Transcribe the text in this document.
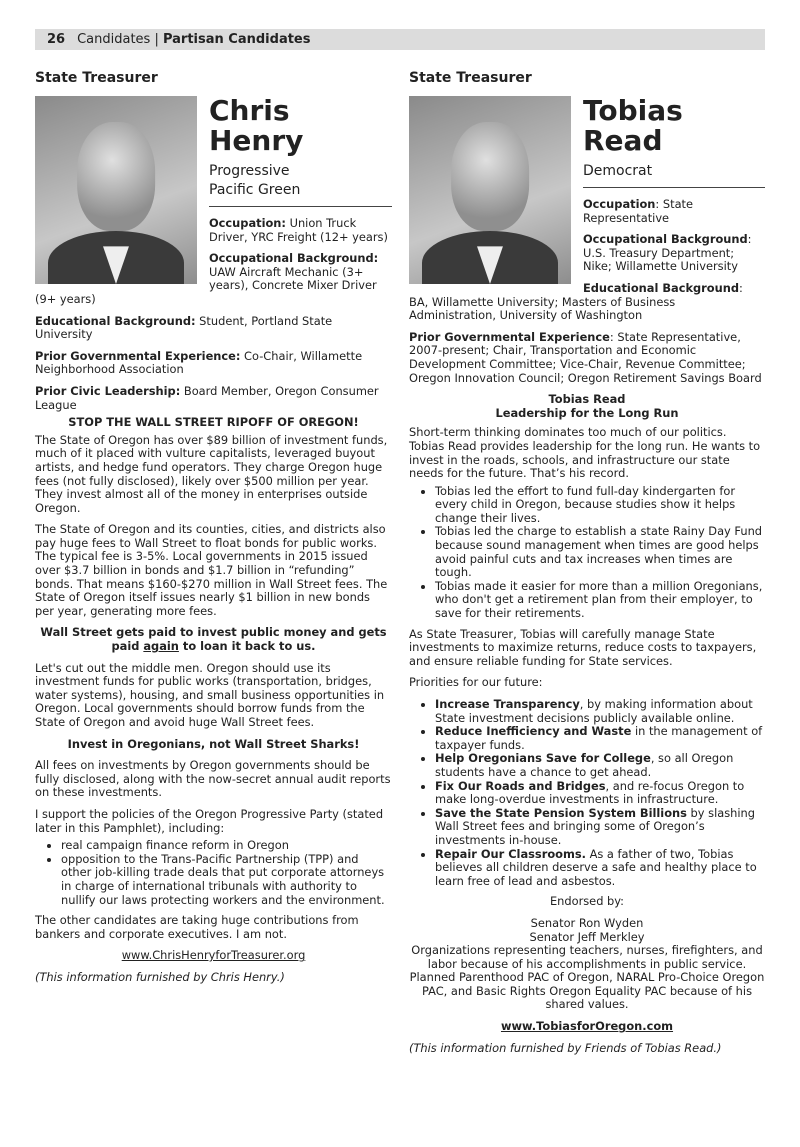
26 Candidates | Partisan Candidates
State Treasurer
Chris
Henry
Progressive
Pacific Green

Occupation: Union Truck Driver, YRC Freight (12+ years)

Occupational Background: UAW Aircraft Mechanic (3+ years), Concrete Mixer Driver (9+ years)

Educational Background: Student, Portland State University

Prior Governmental Experience: Co-Chair, Willamette Neighborhood Association

Prior Civic Leadership: Board Member, Oregon Consumer League

STOP THE WALL STREET RIPOFF OF OREGON!

The State of Oregon has over $89 billion of investment funds, much of it placed with vulture capitalists, leveraged buyout artists, and hedge fund operators. They charge Oregon huge fees (not fully disclosed), likely over $500 million per year. They invest almost all of the money in enterprises outside Oregon.

The State of Oregon and its counties, cities, and districts also pay huge fees to Wall Street to float bonds for public works. The typical fee is 3-5%. Local governments in 2015 issued over $3.7 billion in bonds and $1.7 billion in “refunding” bonds. That means $160-$270 million in Wall Street fees. The State of Oregon itself issues nearly $1 billion in new bonds per year, generating more fees.

Wall Street gets paid to invest public money and gets paid again to loan it back to us.

Let's cut out the middle men. Oregon should use its investment funds for public works (transportation, bridges, water systems), housing, and small business opportunities in Oregon. Local governments should borrow funds from the State of Oregon and avoid huge Wall Street fees.

Invest in Oregonians, not Wall Street Sharks!

All fees on investments by Oregon governments should be fully disclosed, along with the now-secret annual audit reports on these investments.

I support the policies of the Oregon Progressive Party (stated later in this Pamphlet), including:

• real campaign finance reform in Oregon
• opposition to the Trans-Pacific Partnership (TPP) and other job-killing trade deals that put corporate attorneys in charge of international tribunals with authority to nullify our laws protecting workers and the environment.

The other candidates are taking huge contributions from bankers and corporate executives. I am not.

www.ChrisHenryforTreasurer.org

(This information furnished by Chris Henry.)

State Treasurer
Tobias
Read
Democrat

Occupation: State Representative

Occupational Background: U.S. Treasury Department; Nike; Willamette University

Educational Background: BA, Willamette University; Masters of Business Administration, University of Washington

Prior Governmental Experience: State Representative, 2007-present; Chair, Transportation and Economic Development Committee; Vice-Chair, Revenue Committee; Oregon Innovation Council; Oregon Retirement Savings Board

Tobias Read

Leadership for the Long Run

Short-term thinking dominates too much of our politics. Tobias Read provides leadership for the long run. He wants to invest in the roads, schools, and infrastructure our state needs for the future. That’s his record.

• Tobias led the effort to fund full-day kindergarten for every child in Oregon, because studies show it helps change their lives.
• Tobias led the charge to establish a state Rainy Day Fund because sound management when times are good helps avoid painful cuts and tax increases when times are tough.
• Tobias made it easier for more than a million Oregonians, who don't get a retirement plan from their employer, to save for their retirements.

As State Treasurer, Tobias will carefully manage State investments to maximize returns, reduce costs to taxpayers, and ensure reliable funding for State services.

Priorities for our future:

• Increase Transparency, by making information about State investment decisions publicly available online.
• Reduce Inefficiency and Waste in the management of taxpayer funds.
• Help Oregonians Save for College, so all Oregon students have a chance to get ahead.
• Fix Our Roads and Bridges, and re-focus Oregon to make long-overdue investments in infrastructure.
• Save the State Pension System Billions by slashing Wall Street fees and bringing some of Oregon’s investments in-house.
• Repair Our Classrooms. As a father of two, Tobias believes all children deserve a safe and healthy place to learn free of lead and asbestos.

Endorsed by:

Senator Ron Wyden

Senator Jeff Merkley

Organizations representing teachers, nurses, firefighters, and labor because of his accomplishments in public service. Planned Parenthood PAC of Oregon, NARAL Pro-Choice Oregon PAC, and Basic Rights Oregon Equality PAC because of his shared values.

www.TobiasforOregon.com

(This information furnished by Friends of Tobias Read.)
